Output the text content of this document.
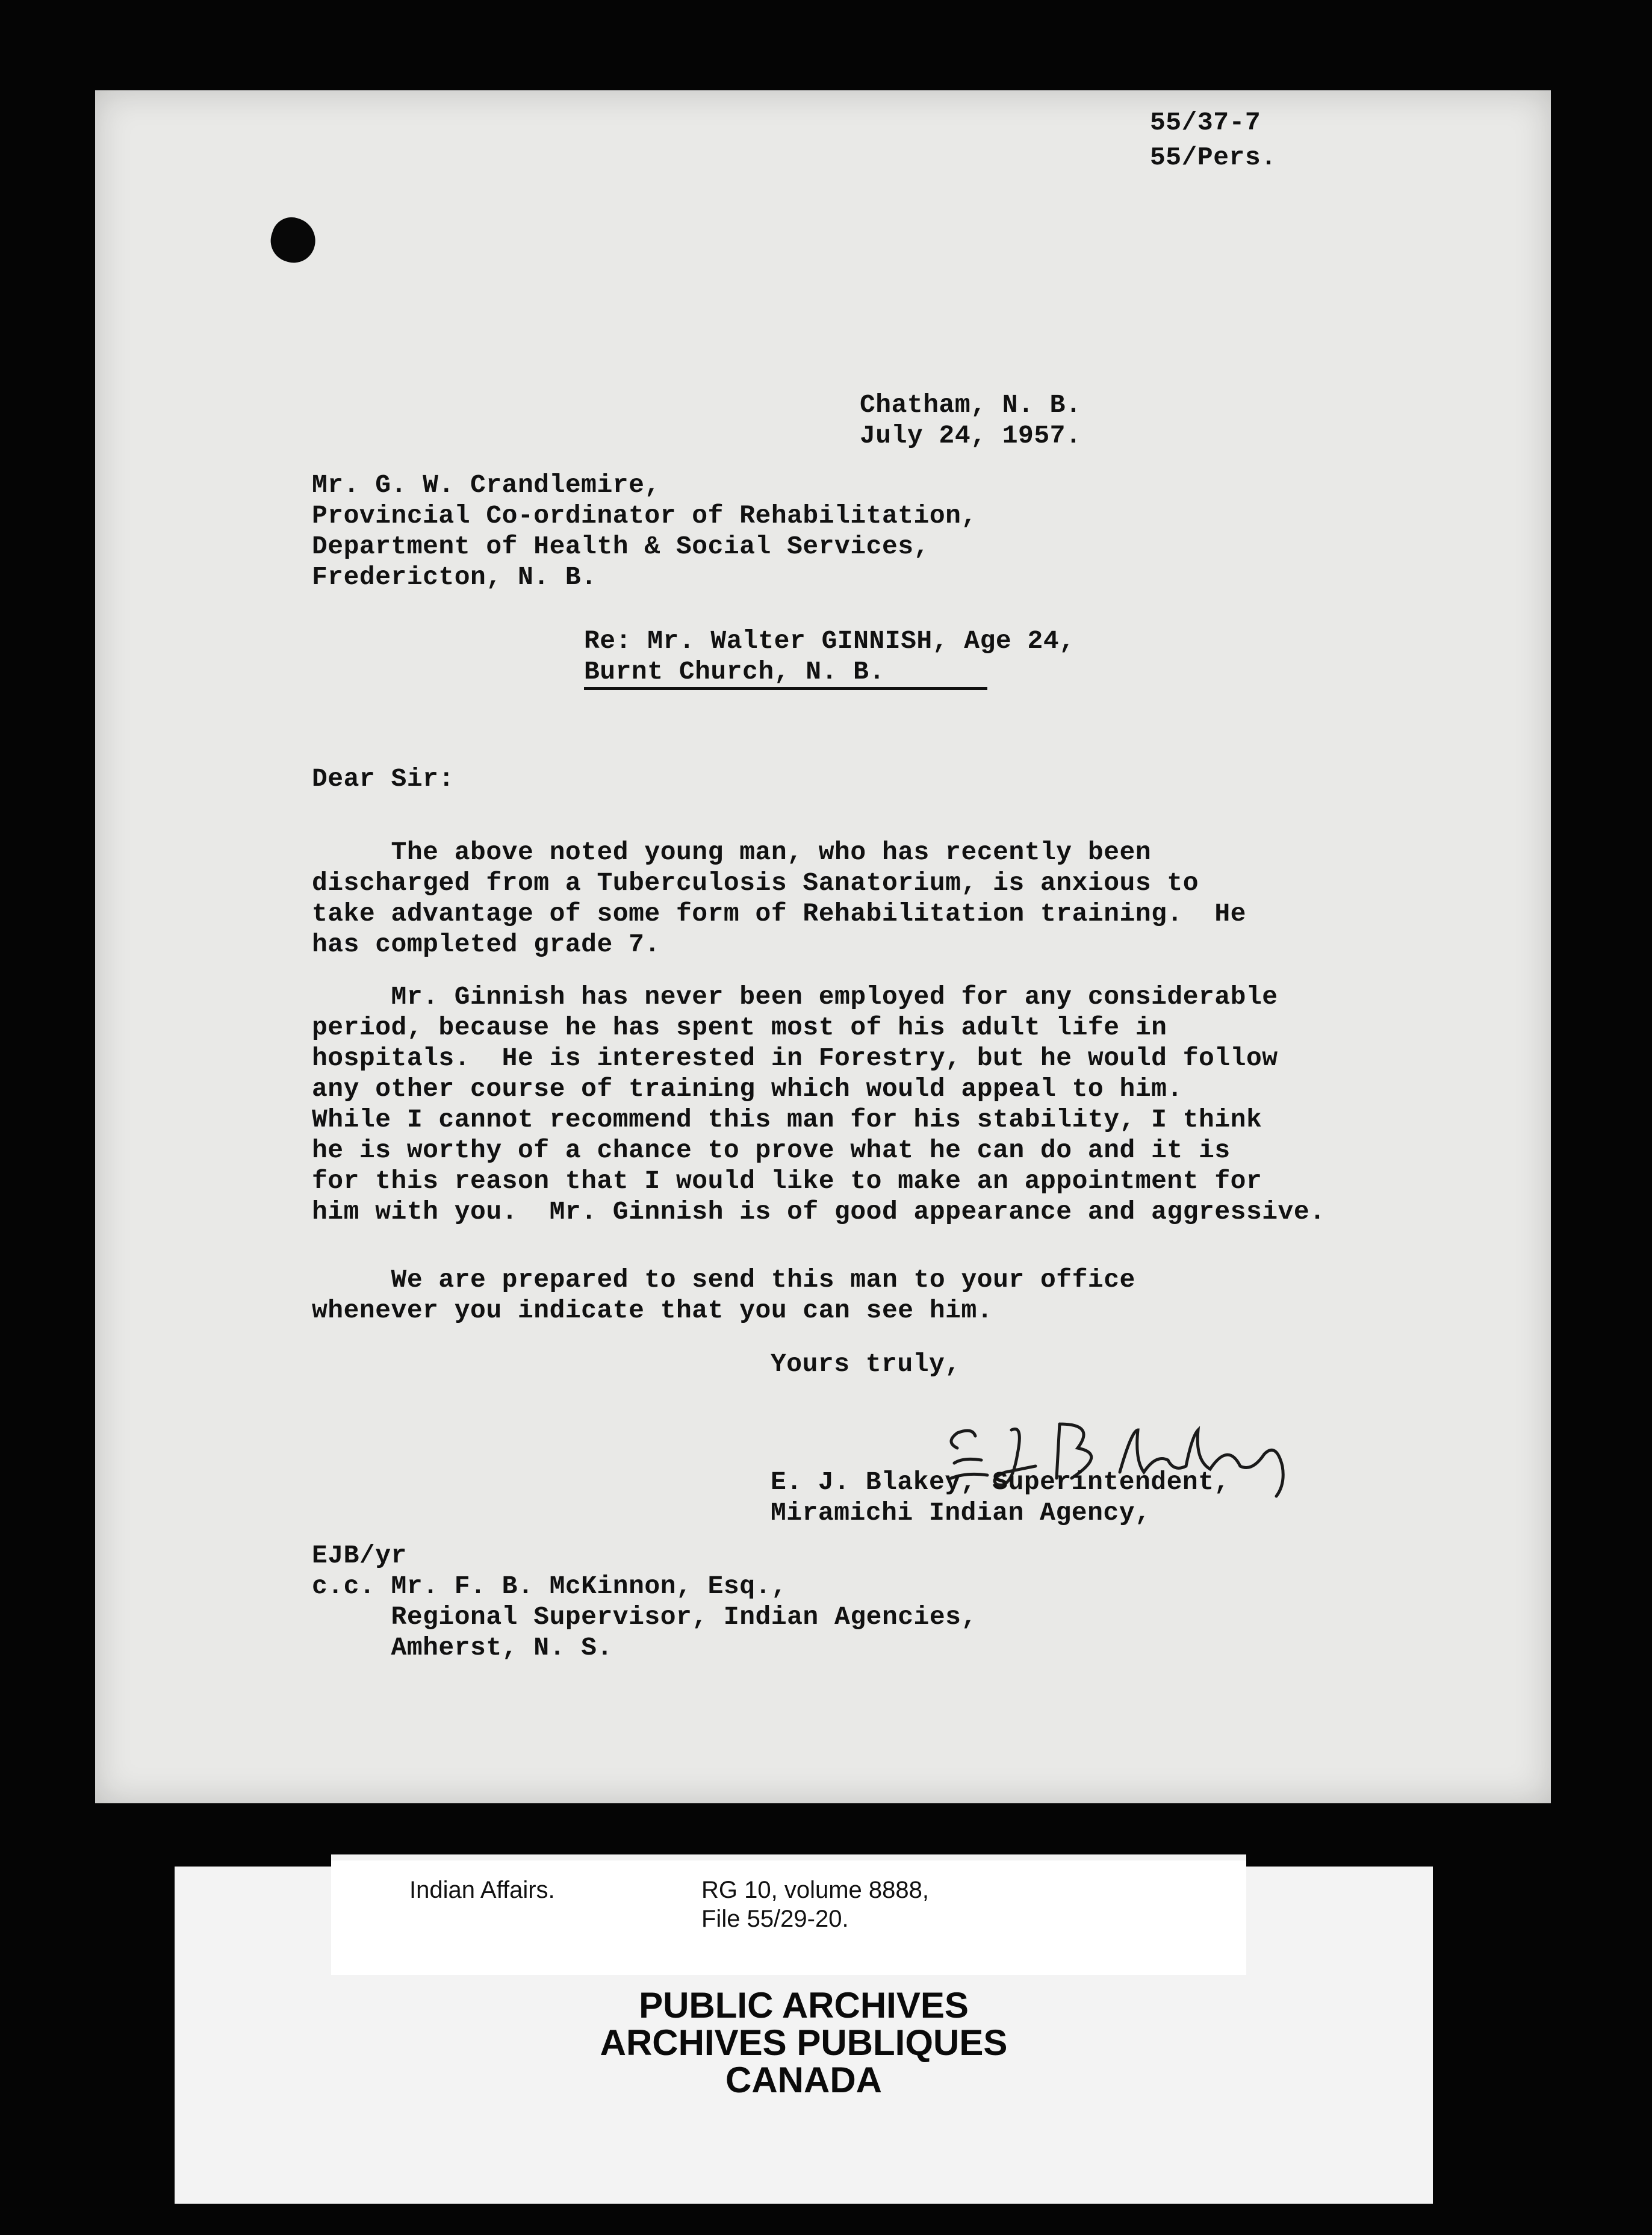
55/37-7
55/Pers.
Chatham, N. B.
July 24, 1957.
Mr. G. W. Crandlemire,
Provincial Co-ordinator of Rehabilitation,
Department of Health & Social Services,
Fredericton, N. B.
Re: Mr. Walter GINNISH, Age 24,
Burnt Church, N. B.
Dear Sir:
The above noted young man, who has recently been
discharged from a Tuberculosis Sanatorium, is anxious to
take advantage of some form of Rehabilitation training.  He
has completed grade 7.
Mr. Ginnish has never been employed for any considerable
period, because he has spent most of his adult life in
hospitals.  He is interested in Forestry, but he would follow
any other course of training which would appeal to him.
While I cannot recommend this man for his stability, I think
he is worthy of a chance to prove what he can do and it is
for this reason that I would like to make an appointment for
him with you.  Mr. Ginnish is of good appearance and aggressive.
We are prepared to send this man to your office
whenever you indicate that you can see him.
Yours truly,
E. J. Blakey, Superintendent,
Miramichi Indian Agency,
EJB/yr
c.c. Mr. F. B. McKinnon, Esq.,
Regional Supervisor, Indian Agencies,
Amherst, N. S.
Indian Affairs.	RG 10, volume 8888,
File 55/29-20.
PUBLIC ARCHIVES
ARCHIVES PUBLIQUES
CANADA
